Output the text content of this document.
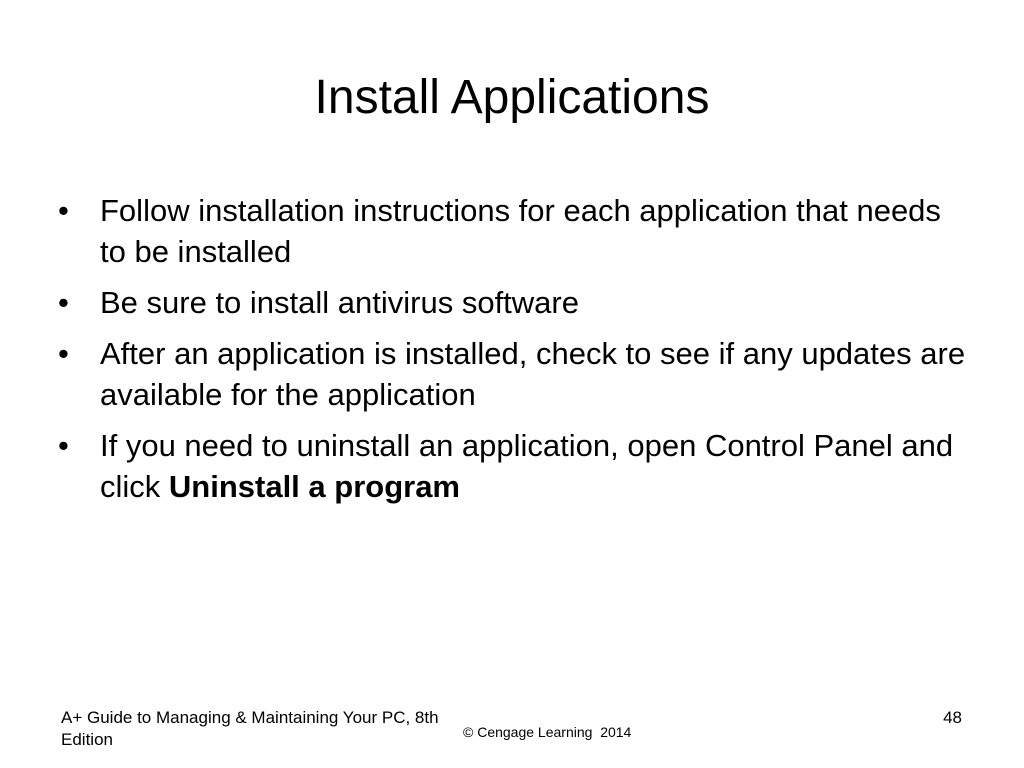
Install Applications
• Follow installation instructions for each application that needs to be installed
• Be sure to install antivirus software
• After an application is installed, check to see if any updates are available for the application
• If you need to uninstall an application, open Control Panel and click Uninstall a program
A+ Guide to Managing & Maintaining Your PC, 8th Edition	© Cengage Learning  2014
48
